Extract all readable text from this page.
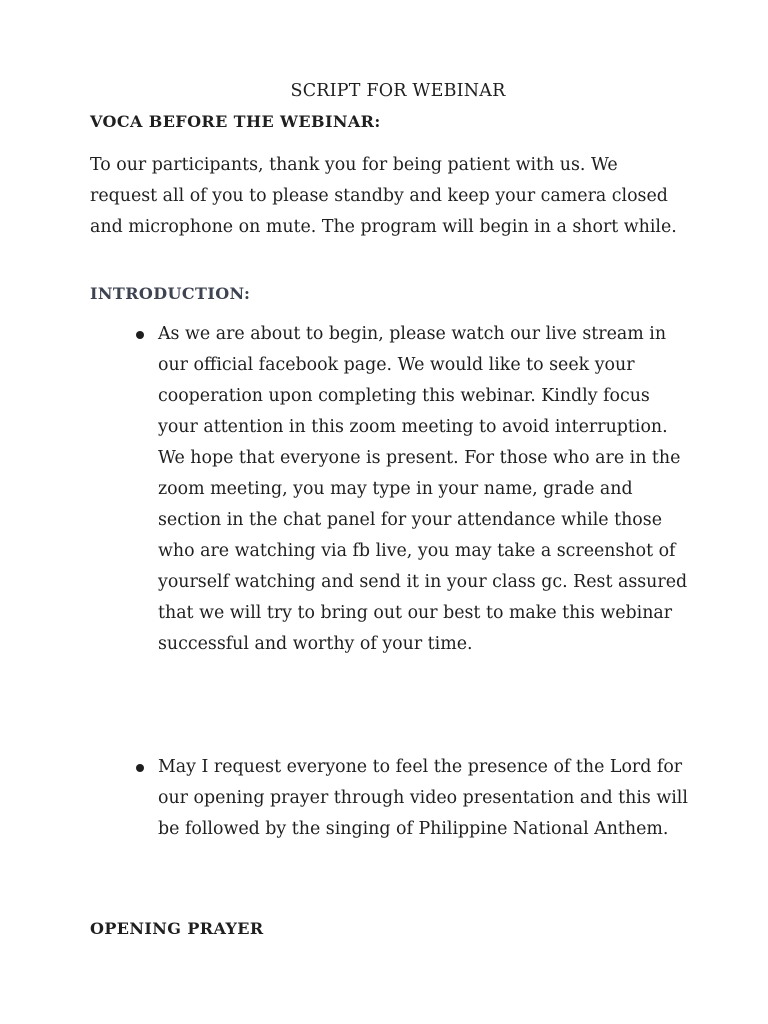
SCRIPT FOR WEBINAR
VOCA BEFORE THE WEBINAR:

To our participants, thank you for being patient with us. We request all of you to please standby and keep your camera closed and microphone on mute. The program will begin in a short while.

INTRODUCTION:

As we are about to begin, please watch our live stream in our official facebook page. We would like to seek your cooperation upon completing this webinar. Kindly focus your attention in this zoom meeting to avoid interruption. We hope that everyone is present. For those who are in the zoom meeting, you may type in your name, grade and section in the chat panel for your attendance while those who are watching via fb live, you may take a screenshot of yourself watching and send it in your class gc. Rest assured that we will try to bring out our best to make this webinar successful and worthy of your time.

May I request everyone to feel the presence of the Lord for our opening prayer through video presentation and this will be followed by the singing of Philippine National Anthem.

OPENING PRAYER
